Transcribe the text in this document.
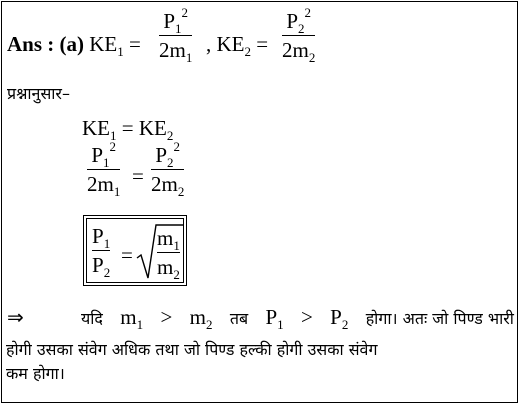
Ans : (a) $KE_1$ =
$P_1^2$
$2m_1$
, $KE_2$ =
$P_2^2$
$2m_2$
प्रश्नानुसार–
$KE_1 = KE_2$
$P_1^2$
$2m_1$
=
$P_2^2$
$2m_2$
$P_1$
$P_2$
=
$m_1$
$m_2$
⇒	यदि $m_1 > m_2$ तब $P_1 > P_2$ होगा। अतः जो पिण्ड भारी
होगी उसका संवेग अधिक तथा जो पिण्ड हल्की होगी उसका संवेग
कम होगा।
